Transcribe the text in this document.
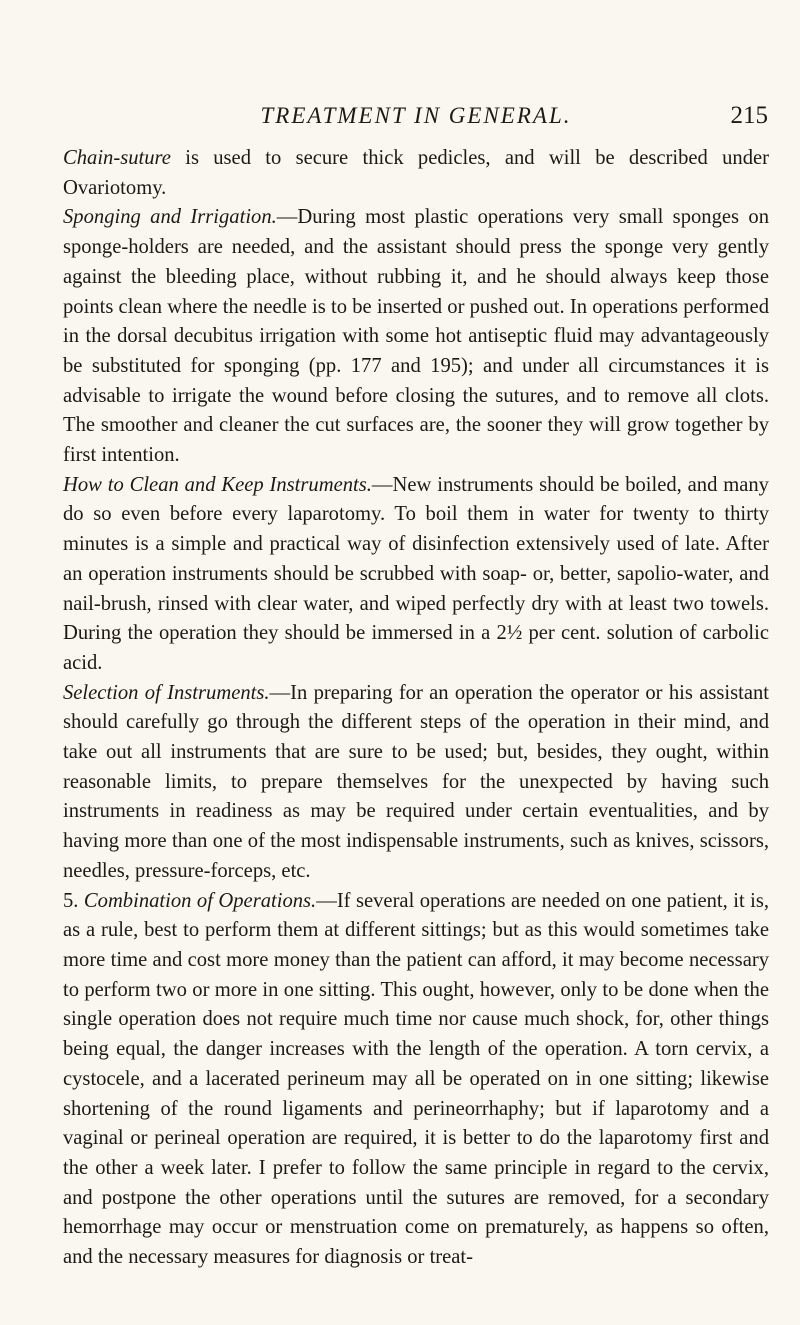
TREATMENT IN GENERAL.	215

Chain-suture is used to secure thick pedicles, and will be described under Ovariotomy.

Sponging and Irrigation.—During most plastic operations very small sponges on sponge-holders are needed, and the assistant should press the sponge very gently against the bleeding place, without rubbing it, and he should always keep those points clean where the needle is to be inserted or pushed out. In operations performed in the dorsal decubitus irrigation with some hot antiseptic fluid may advantageously be substituted for sponging (pp. 177 and 195); and under all circumstances it is advisable to irrigate the wound before closing the sutures, and to remove all clots. The smoother and cleaner the cut surfaces are, the sooner they will grow together by first intention.

How to Clean and Keep Instruments.—New instruments should be boiled, and many do so even before every laparotomy. To boil them in water for twenty to thirty minutes is a simple and practical way of disinfection extensively used of late. After an operation instruments should be scrubbed with soap- or, better, sapolio-water, and nail-brush, rinsed with clear water, and wiped perfectly dry with at least two towels. During the operation they should be immersed in a 2½ per cent. solution of carbolic acid.

Selection of Instruments.—In preparing for an operation the operator or his assistant should carefully go through the different steps of the operation in their mind, and take out all instruments that are sure to be used; but, besides, they ought, within reasonable limits, to prepare themselves for the unexpected by having such instruments in readiness as may be required under certain eventualities, and by having more than one of the most indispensable instruments, such as knives, scissors, needles, pressure-forceps, etc.

5. Combination of Operations.—If several operations are needed on one patient, it is, as a rule, best to perform them at different sittings; but as this would sometimes take more time and cost more money than the patient can afford, it may become necessary to perform two or more in one sitting. This ought, however, only to be done when the single operation does not require much time nor cause much shock, for, other things being equal, the danger increases with the length of the operation. A torn cervix, a cystocele, and a lacerated perineum may all be operated on in one sitting; likewise shortening of the round ligaments and perineorrhaphy; but if laparotomy and a vaginal or perineal operation are required, it is better to do the laparotomy first and the other a week later. I prefer to follow the same principle in regard to the cervix, and postpone the other operations until the sutures are removed, for a secondary hemorrhage may occur or menstruation come on prematurely, as happens so often, and the necessary measures for diagnosis or treat-
